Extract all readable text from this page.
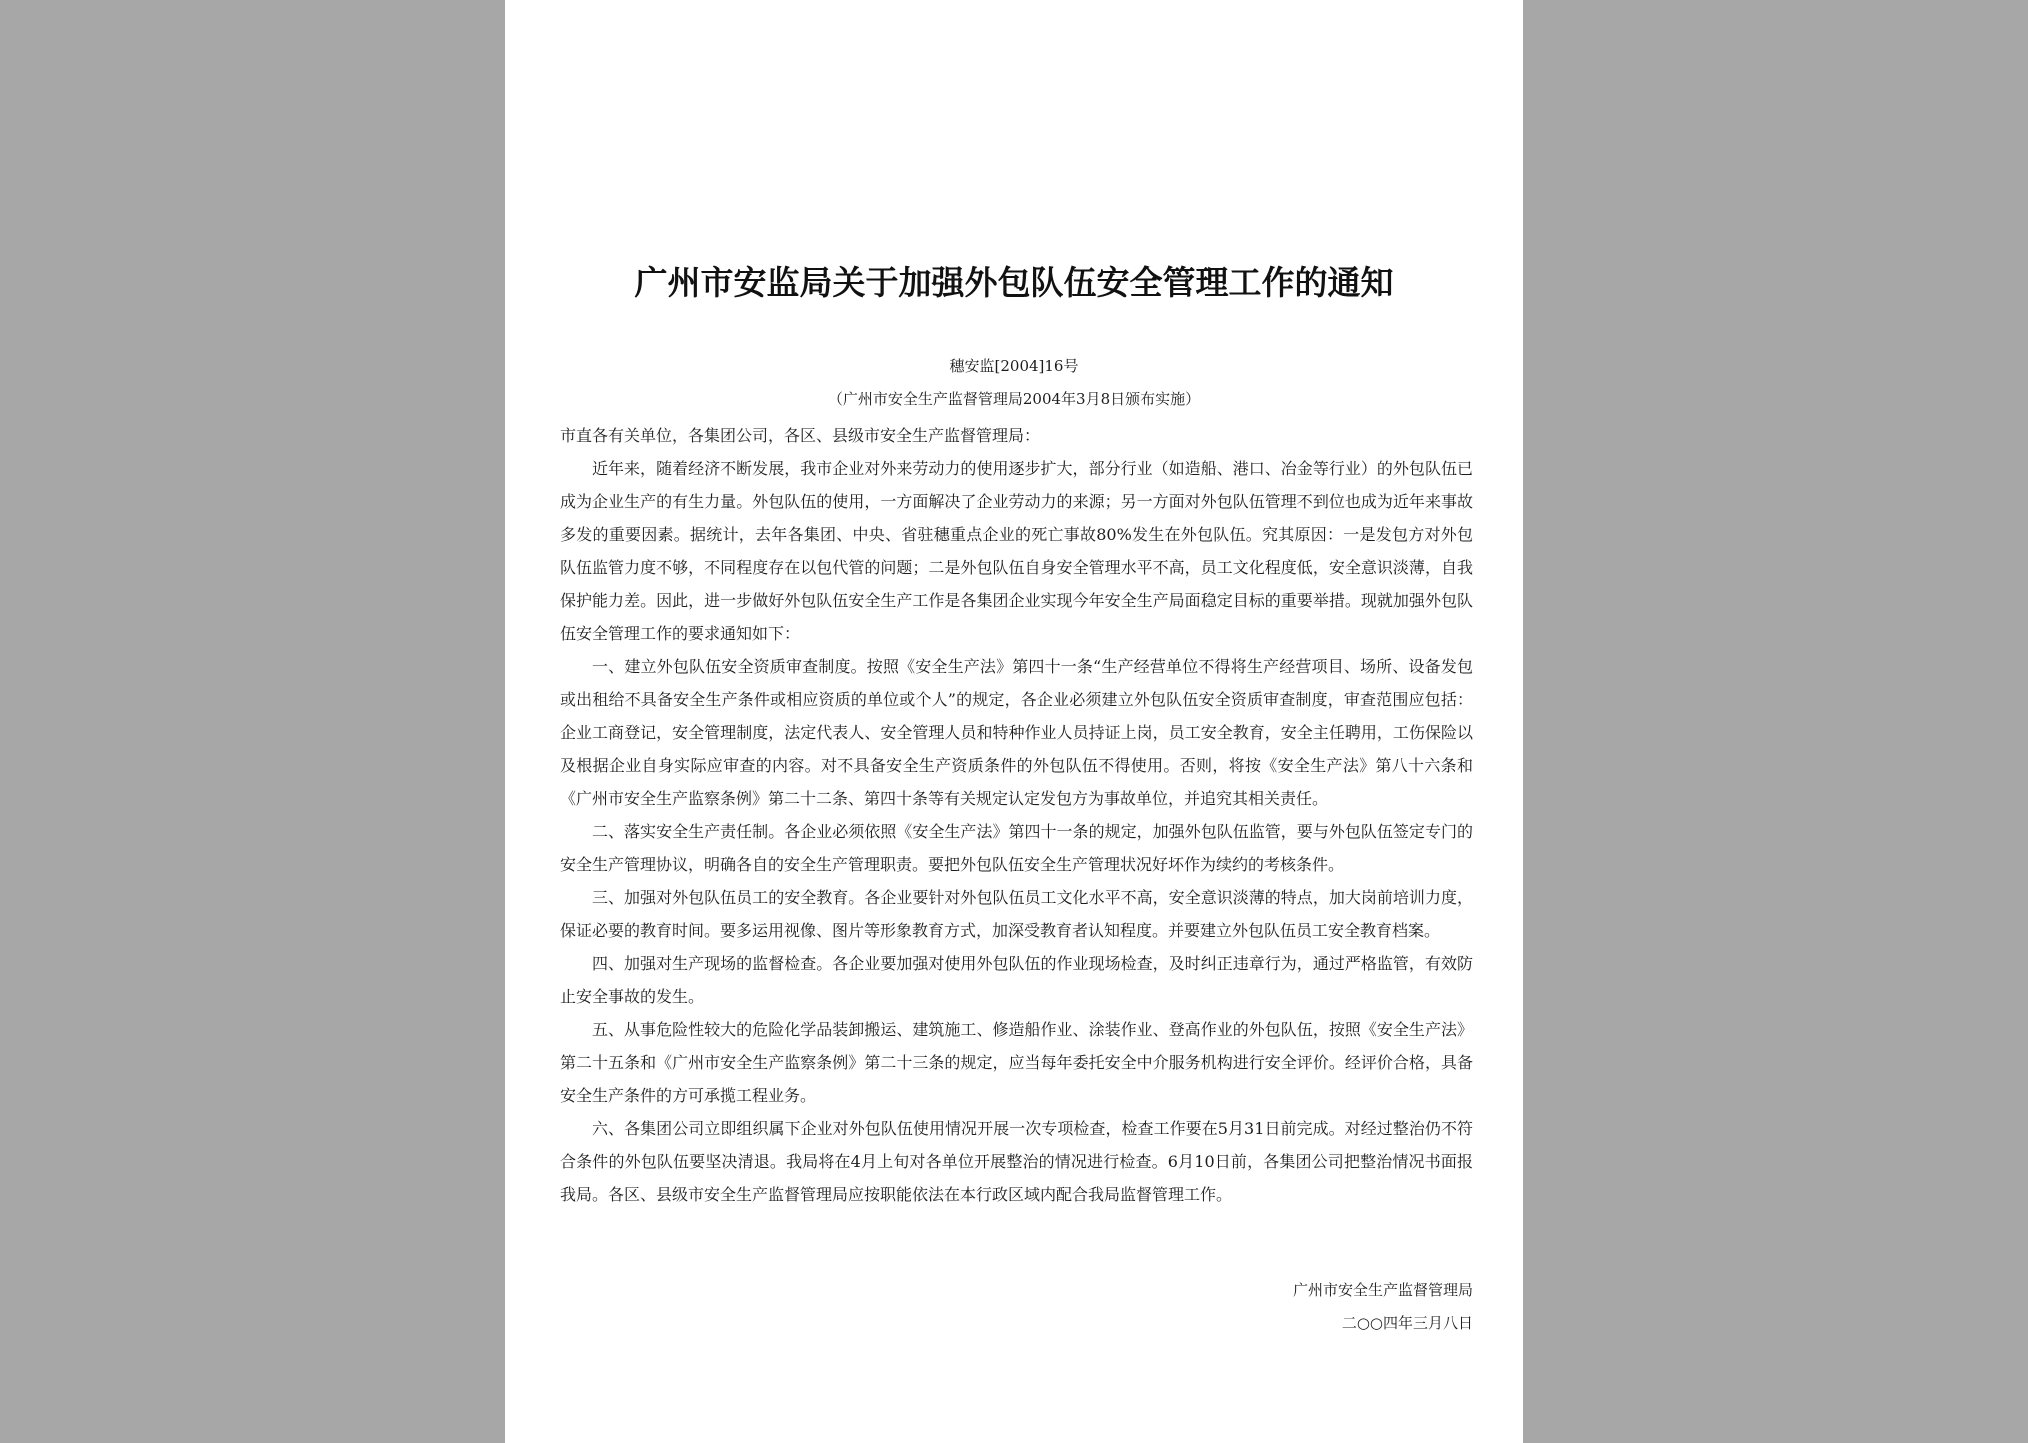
广州市安监局关于加强外包队伍安全管理工作的通知
穗安监[2004]16号
（广州市安全生产监督管理局2004年3月8日颁布实施）

市直各有关单位，各集团公司，各区、县级市安全生产监督管理局：

近年来，随着经济不断发展，我市企业对外来劳动力的使用逐步扩大，部分行业（如造船、港口、冶金等行业）的外包队伍已成为企业生产的有生力量。外包队伍的使用，一方面解决了企业劳动力的来源；另一方面对外包队伍管理不到位也成为近年来事故多发的重要因素。据统计，去年各集团、中央、省驻穗重点企业的死亡事故80%发生在外包队伍。究其原因：一是发包方对外包队伍监管力度不够，不同程度存在以包代管的问题；二是外包队伍自身安全管理水平不高，员工文化程度低，安全意识淡薄，自我保护能力差。因此，进一步做好外包队伍安全生产工作是各集团企业实现今年安全生产局面稳定目标的重要举措。现就加强外包队伍安全管理工作的要求通知如下：

一、建立外包队伍安全资质审查制度。按照《安全生产法》第四十一条“生产经营单位不得将生产经营项目、场所、设备发包或出租给不具备安全生产条件或相应资质的单位或个人”的规定，各企业必须建立外包队伍安全资质审查制度，审查范围应包括：企业工商登记，安全管理制度，法定代表人、安全管理人员和特种作业人员持证上岗，员工安全教育，安全主任聘用，工伤保险以及根据企业自身实际应审查的内容。对不具备安全生产资质条件的外包队伍不得使用。否则，将按《安全生产法》第八十六条和《广州市安全生产监察条例》第二十二条、第四十条等有关规定认定发包方为事故单位，并追究其相关责任。

二、落实安全生产责任制。各企业必须依照《安全生产法》第四十一条的规定，加强外包队伍监管，要与外包队伍签定专门的安全生产管理协议，明确各自的安全生产管理职责。要把外包队伍安全生产管理状况好坏作为续约的考核条件。

三、加强对外包队伍员工的安全教育。各企业要针对外包队伍员工文化水平不高，安全意识淡薄的特点，加大岗前培训力度，保证必要的教育时间。要多运用视像、图片等形象教育方式，加深受教育者认知程度。并要建立外包队伍员工安全教育档案。

四、加强对生产现场的监督检查。各企业要加强对使用外包队伍的作业现场检查，及时纠正违章行为，通过严格监管，有效防止安全事故的发生。

五、从事危险性较大的危险化学品装卸搬运、建筑施工、修造船作业、涂装作业、登高作业的外包队伍，按照《安全生产法》第二十五条和《广州市安全生产监察条例》第二十三条的规定，应当每年委托安全中介服务机构进行安全评价。经评价合格，具备安全生产条件的方可承揽工程业务。

六、各集团公司立即组织属下企业对外包队伍使用情况开展一次专项检查，检查工作要在5月31日前完成。对经过整治仍不符合条件的外包队伍要坚决清退。我局将在4月上旬对各单位开展整治的情况进行检查。6月10日前，各集团公司把整治情况书面报我局。各区、县级市安全生产监督管理局应按职能依法在本行政区域内配合我局监督管理工作。

广州市安全生产监督管理局
二○○四年三月八日
